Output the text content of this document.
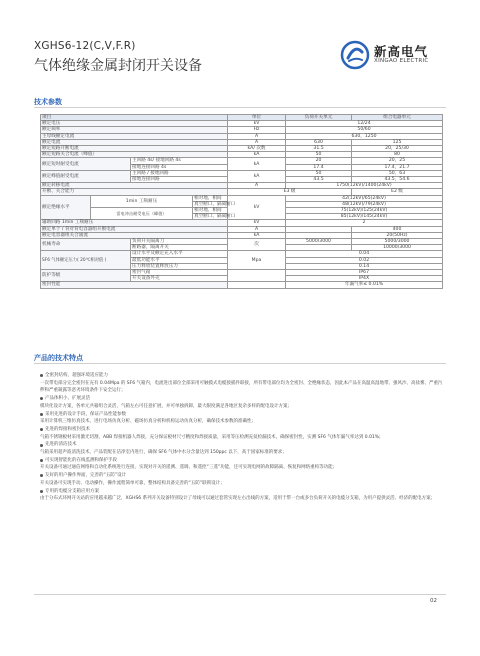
XGHS6-12(C,V,F.R)
气体绝缘金属封闭开关设备
新高电气
XINGAO ELECTRIC
技术参数
项目				单位	负荷开关单元	组合电器单元
额定电压				kV	12/24	
额定频率				Hz	50/60	
主母线额定电流				A	630，1250	
额定电流				A	630	125
额定短路开断电流				kA/ 次数	31.5	20，25/30
额定短路关合电流（峰值）				kA	50	80
额定短时耐受电流		主回路 4s/ 接地回路 4s		kA	20	20，25
		接地连接回路 4s			17.4	17.4，21.7
额定峰值耐受电流		主回路 / 接地回路		kA	50	50，63
		接地连接回路			43.5	43.5，54.6
额定转移电流				A	1750(12kV)/1400(24kV)	
开断、关合能力				E3 级		E2 级
额定绝缘水平	1min 工频耐压		相对地、相间	kV	42(12kV)/65(24kV)	
			真空断口、隔离断口		48(12kV)/79(24kV)	
	雷电冲击耐受电压（峰值）		相对地、相间		75(12kV)/125(24kV)	
			真空断口、隔离断口		85(12kV)/145(24kV)	
辅助回路 1min 工频耐压				kV	2	
额定单个 / 背对背电容器组开断电流				A		400
额定电容器组关合涌流				kA		20(50Hz)
机械寿命		负荷开关隔离刀		次	5000/3000	5000/3000
		断路器，隔离开关				10000/3000
SF6 气体额定压力( 20℃相对值 )		设计水平及额定充入水平		Mpa	0.04	
		最低功能水平			0.02	
		压力释放装置释放压力			0.14	
防护等级		密封气箱			IP67	
		开关设备外壳			IP4X	
密封性能					年漏气率≤ 0.01%	
产品的技术特点
全密封结构，超强环境适应能力
一次带电部分完全密封在充有 0.04Mpa 的 SF6 气箱内，电流进出部位全部采用可触摸式电缆接插件联接，所有带电部位均为全密封、全绝缘状态，因此本产品在高温高湿地带、强风沙、高盐雾、严重污秽和严重凝露等恶劣环境条件下安全运行；
产品体积小，扩展灵活
模块化设计方案，各单元共箱组合灵活，气箱左右可任意扩展，并可单独拆卸，最大限度满足各地区复杂多样的配电设计方案；
采用先进的设计手段，保证产品性能参数
采用计算机三维仿真技术，进行电场仿真分析、磁场仿真分析和机构运动仿真分析，确保技术参数的准确性；
先进的焊接和密封技术
气箱不锈钢板材采用激光切割，ABB 焊接机器人焊接，充分保证板材尺寸精度和焊接质量，采用等压检测充氦检漏技术，确保密封性，实测 SF6 气体年漏气率达到 0.01%;
先进的清洁技术
气箱采用超声波清洗技术，产品装配在洁净室内进行，确保 SF6 气体中水分含量达到 150ppc 以下，高于国家标准的要求；
可实现智能化的在线监测和保护手段
开关设备可通过通信网络和自动化系统进行连接，实现对开关的遥测、遥调、和遥控“三遥”功能，还可实现电网的故障隔离、恢复和网络重构等功能；
友好的用户操作界面，完善的“五防”设计
开关设备可实现手动、电动操作，操作流程简单可靠，整体结构具备完善的“五防”联锁设计；
专用的电缆分支箱应用方案
由于分布式环网开关站的应用越来越广泛，XGHS6 系列开关设备特别设计了母线可以通过套管实现左右出线的方案，适用于带一台或多台负荷开关的电缆分支箱，为用户提供灵活、经济的配电方案；
02
